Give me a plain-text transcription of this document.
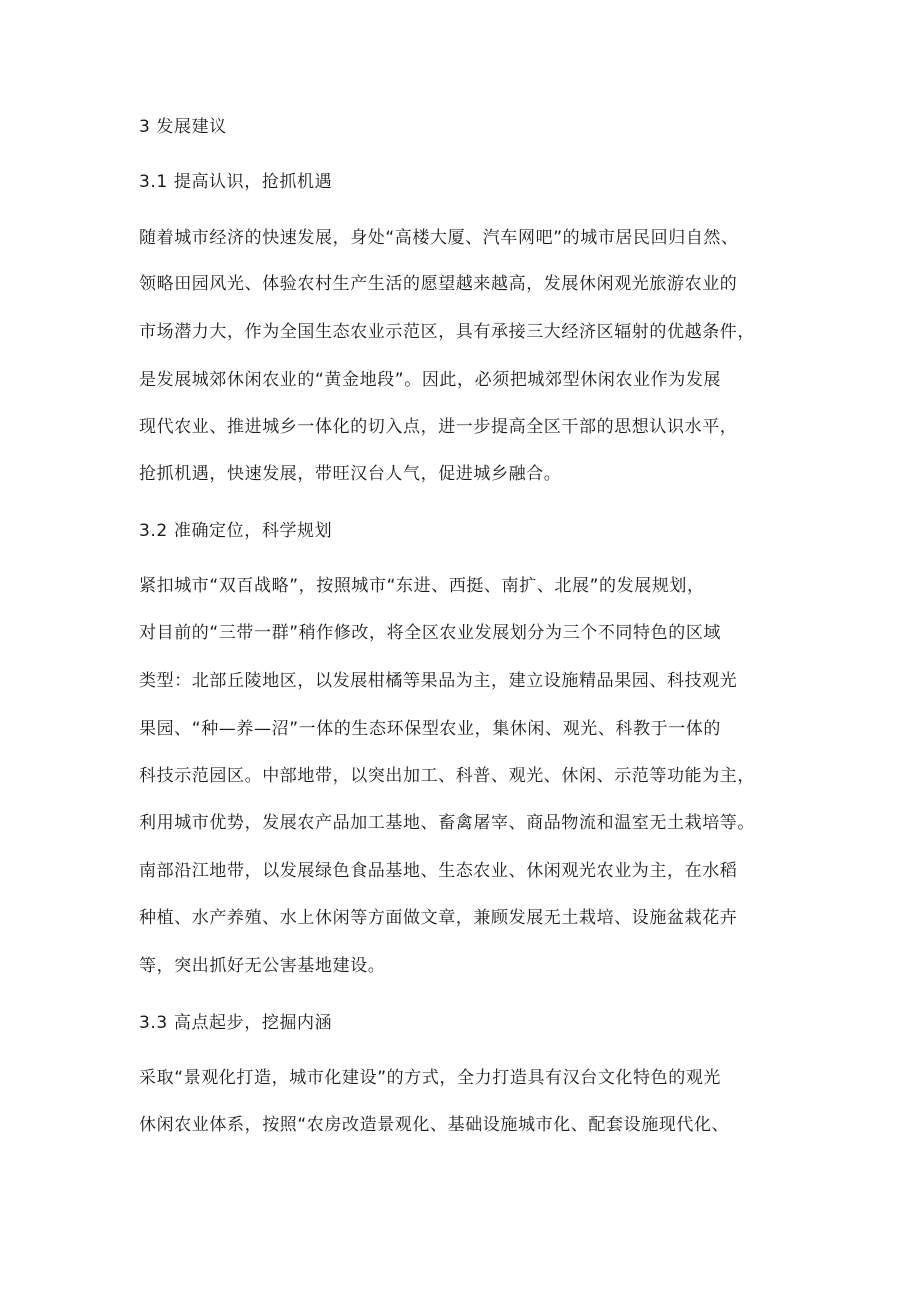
3 发展建议
3.1 提高认识，抢抓机遇
随着城市经济的快速发展，身处“高楼大厦、汽车网吧”的城市居民回归自然、
领略田园风光、体验农村生产生活的愿望越来越高，发展休闲观光旅游农业的
市场潜力大，作为全国生态农业示范区，具有承接三大经济区辐射的优越条件，
是发展城郊休闲农业的“黄金地段”。因此，必须把城郊型休闲农业作为发展
现代农业、推进城乡一体化的切入点，进一步提高全区干部的思想认识水平，
抢抓机遇，快速发展，带旺汉台人气，促进城乡融合。
3.2 准确定位，科学规划
紧扣城市“双百战略”，按照城市“东进、西挺、南扩、北展”的发展规划，
对目前的“三带一群”稍作修改，将全区农业发展划分为三个不同特色的区域
类型：北部丘陵地区，以发展柑橘等果品为主，建立设施精品果园、科技观光
果园、“种—养—沼”一体的生态环保型农业，集休闲、观光、科教于一体的
科技示范园区。中部地带，以突出加工、科普、观光、休闲、示范等功能为主，
利用城市优势，发展农产品加工基地、畜禽屠宰、商品物流和温室无土栽培等。
南部沿江地带，以发展绿色食品基地、生态农业、休闲观光农业为主，在水稻
种植、水产养殖、水上休闲等方面做文章，兼顾发展无土栽培、设施盆栽花卉
等，突出抓好无公害基地建设。
3.3 高点起步，挖掘内涵
采取“景观化打造，城市化建设”的方式，全力打造具有汉台文化特色的观光
休闲农业体系，按照“农房改造景观化、基础设施城市化、配套设施现代化、
